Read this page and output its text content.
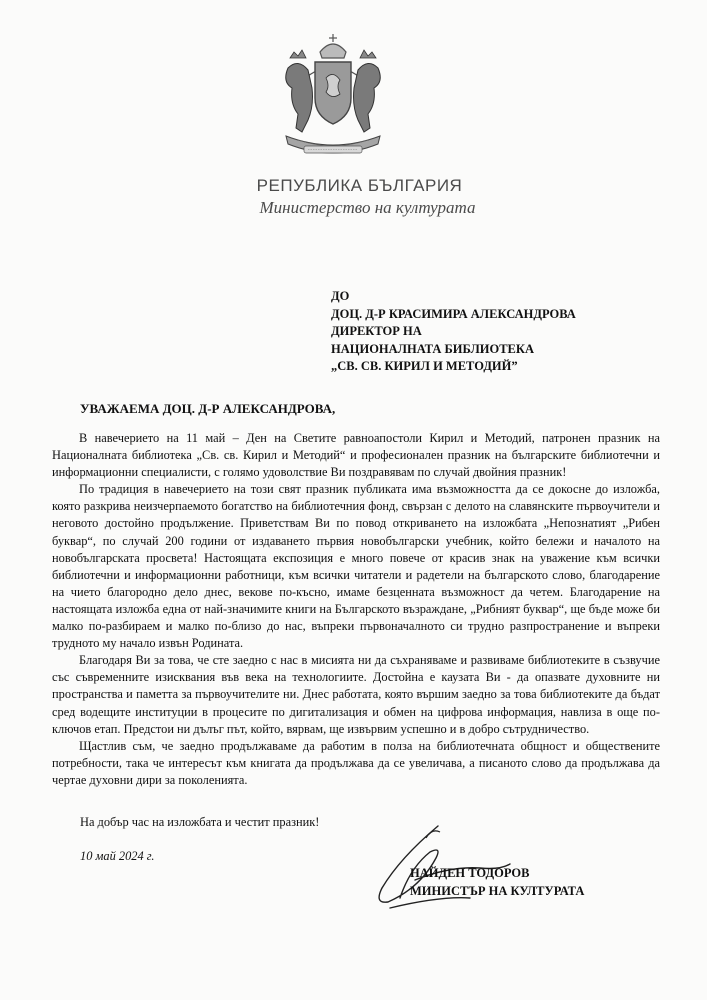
РЕПУБЛИКА БЪЛГАРИЯ
Министерство на културата
ДО
ДОЦ. Д-Р КРАСИМИРА АЛЕКСАНДРОВА
ДИРЕКТОР НА
НАЦИОНАЛНАТА БИБЛИОТЕКА
„СВ. СВ. КИРИЛ И МЕТОДИЙ”
УВАЖАЕМА ДОЦ. Д-Р АЛЕКСАНДРОВА,

В навечерието на 11 май – Ден на Светите равноапостоли Кирил и Методий, патронен празник на Националната библиотека „Св. св. Кирил и Методий“ и професионален празник на българските библиотечни и информационни специалисти, с голямо удоволствие Ви поздравявам по случай двойния празник!

По традиция в навечерието на този свят празник публиката има възможността да се докосне до изложба, която разкрива неизчерпаемото богатство на библиотечния фонд, свързан с делото на славянските първоучители и неговото достойно продължение. Приветствам Ви по повод откриването на изложбата „Непознатият „Рибен буквар“, по случай 200 години от издаването първия новобългарски учебник, който бележи и началото на новобългарската просвета! Настоящата експозиция е много повече от красив знак на уважение към всички библиотечни и информационни работници, към всички читатели и радетели на българското слово, благодарение на чието благородно дело днес, векове по-късно, имаме безценната възможност да четем. Благодарение на настоящата изложба една от най-значимите книги на Българското възраждане, „Рибният буквар“, ще бъде може би малко по-разбираем и малко по-близо до нас, въпреки първоначалното си трудно разпространение и въпреки трудното му начало извън Родината.

Благодаря Ви за това, че сте заедно с нас в мисията ни да съхраняваме и развиваме библиотеките в съзвучие със съвременните изисквания във века на технологиите. Достойна е каузата Ви - да опазвате духовните ни пространства и паметта за първоучителите ни. Днес работата, която вършим заедно за това библиотеките да бъдат сред водещите институции в процесите по дигитализация и обмен на цифрова информация, навлиза в още по-ключов етап. Предстои ни дълъг път, който, вярвам, ще извървим успешно и в добро сътрудничество.

Щастлив съм, че заедно продължаваме да работим в полза на библиотечната общност и обществените потребности, така че интересът към книгата да продължава да се увеличава, а писаното слово да продължава да чертае духовни дири за поколенията.

На добър час на изложбата и честит празник!
10 май 2024 г.
НАЙДЕН ТОДОРОВ
МИНИСТЪР НА КУЛТУРАТА
